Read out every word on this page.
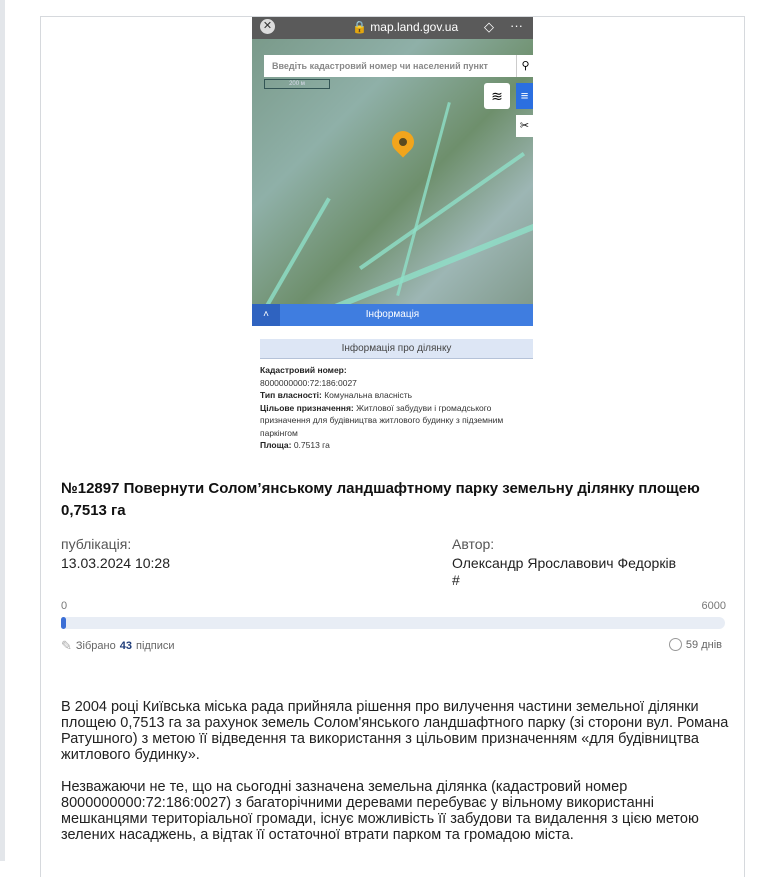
✕	🔒 map.land.gov.ua ◇ ···
Введіть кадастровий номер чи населений пункт	⚲
200 м
≋	≡
✂
˄	Інформація
Інформація про ділянку
Кадастровий номер:
8000000000:72:186:0027
Тип власності: Комунальна власність
Цільове призначення: Житлової забудуви і громадського призначення для будівництва житлового будинку з підземним паркінгом
Площа: 0.7513 га
№12897 Повернути Солом’янському ландшафтному парку земельну ділянку площею 0,7513 га
публікація:
13.03.2024 10:28
Автор:
Олександр Ярославович Федорків
#
0	6000
✎ Зібрано 43 підписи	59 днів

В 2004 році Київська міська рада прийняла рішення про вилучення частини земельної ділянки площею 0,7513 га за рахунок земель Солом'янського ландшафтного парку (зі сторони вул. Романа Ратушного) з метою її відведення та використання з цільовим призначенням «для будівництва житлового будинку».

Незважаючи не те, що на сьогодні зазначена земельна ділянка (кадастровий номер 8000000000:72:186:0027) з багаторічними деревами перебуває у вільному використанні мешканцями територіальної громади, існує можливість її забудови та видалення з цією метою зелених насаджень, а відтак її остаточної втрати парком та громадою міста.
